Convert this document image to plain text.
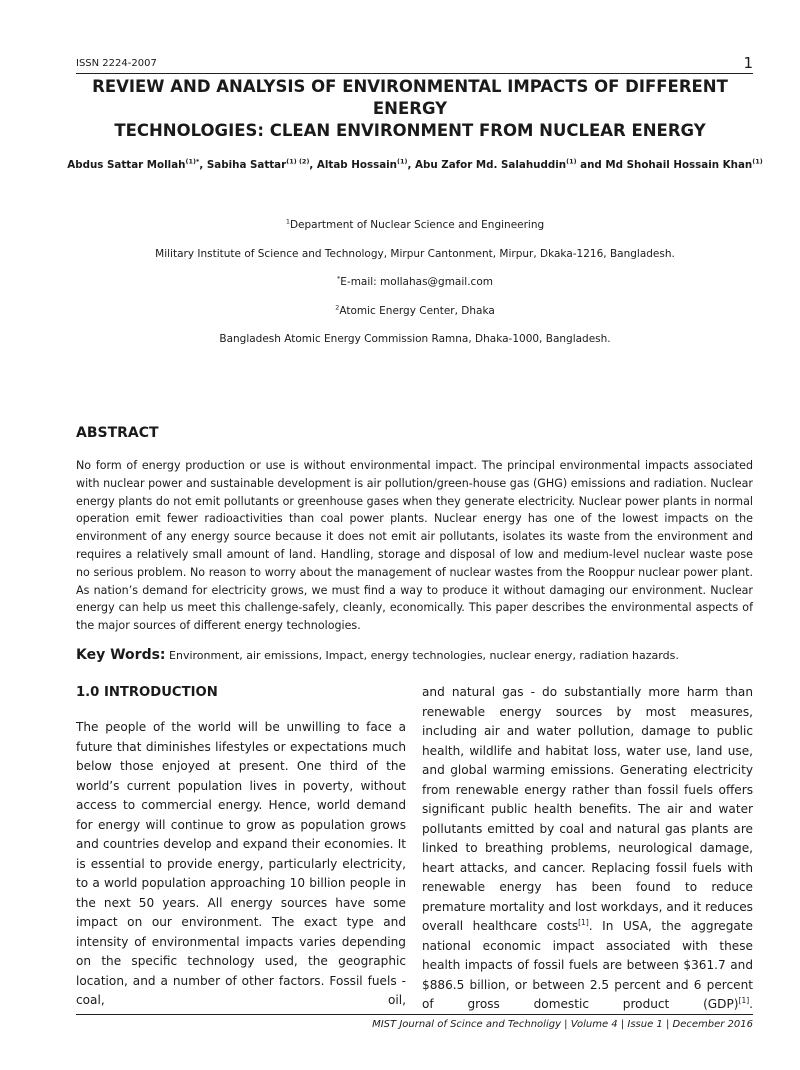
ISSN 2224-2007	1
REVIEW AND ANALYSIS OF ENVIRONMENTAL IMPACTS OF DIFFERENT ENERGY
TECHNOLOGIES: CLEAN ENVIRONMENT FROM NUCLEAR ENERGY
Abdus Sattar Mollah$^{(1)*}$, Sabiha Sattar$^{(1) (2)}$, Altab Hossain$^{(1)}$, Abu Zafor Md. Salahuddin$^{(1)}$ and Md Shohail Hossain Khan$^{(1)}$
$^1$Department of Nuclear Science and Engineering
Military Institute of Science and Technology, Mirpur Cantonment, Mirpur, Dkaka-1216, Bangladesh.
*E-mail: mollahas@gmail.com
$^2$Atomic Energy Center, Dhaka
Bangladesh Atomic Energy Commission Ramna, Dhaka-1000, Bangladesh.
ABSTRACT

No form of energy production or use is without environmental impact. The principal environmental impacts associated with nuclear power and sustainable development is air pollution/green-house gas (GHG) emissions and radiation. Nuclear energy plants do not emit pollutants or greenhouse gases when they generate electricity. Nuclear power plants in normal operation emit fewer radioactivities than coal power plants. Nuclear energy has one of the lowest impacts on the environment of any energy source because it does not emit air pollutants, isolates its waste from the environment and requires a relatively small amount of land. Handling, storage and disposal of low and medium-level nuclear waste pose no serious problem. No reason to worry about the management of nuclear wastes from the Rooppur nuclear power plant. As nation’s demand for electricity grows, we must find a way to produce it without damaging our environment. Nuclear energy can help us meet this challenge-safely, cleanly, economically. This paper describes the environmental aspects of the major sources of different energy technologies.

Key Words: Environment, air emissions, Impact, energy technologies, nuclear energy, radiation hazards.
1.0 INTRODUCTION

The people of the world will be unwilling to face a future that diminishes lifestyles or expectations much below those enjoyed at present. One third of the world’s current population lives in poverty, without access to commercial energy. Hence, world demand for energy will continue to grow as population grows and countries develop and expand their economies. It is essential to provide energy, particularly electricity, to a world population approaching 10 billion people in the next 50 years. All energy sources have some impact on our environment. The exact type and intensity of environmental impacts varies depending on the specific technology used, the geographic location, and a number of other factors. Fossil fuels -coal, oil,

and natural gas - do substantially more harm than renewable energy sources by most measures, including air and water pollution, damage to public health, wildlife and habitat loss, water use, land use, and global warming emissions. Generating electricity from renewable energy rather than fossil fuels offers significant public health benefits. The air and water pollutants emitted by coal and natural gas plants are linked to breathing problems, neurological damage, heart attacks, and cancer. Replacing fossil fuels with renewable energy has been found to reduce premature mortality and lost workdays, and it reduces overall healthcare costs[1]. In USA, the aggregate national economic impact associated with these health impacts of fossil fuels are between $361.7 and $886.5 billion, or between 2.5 percent and 6 percent of gross domestic product (GDP)[1].

MIST Journal of Scince and Technoligy | Volume 4 | Issue 1 | December 2016
